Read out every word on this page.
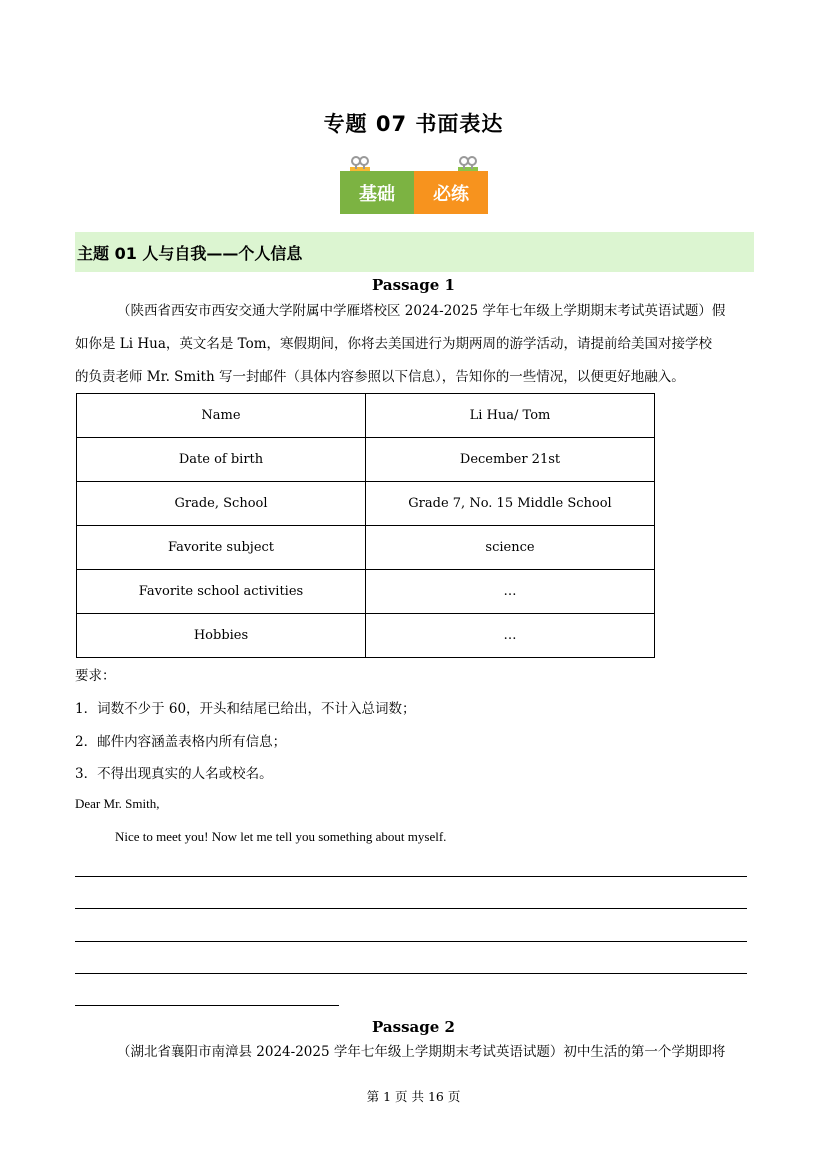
专题 07 书面表达
基础	必练
主题 01 人与自我——个人信息
Passage 1
（陕西省西安市西安交通大学附属中学雁塔校区 2024-2025 学年七年级上学期期末考试英语试题）假
如你是 Li Hua，英文名是 Tom，寒假期间，你将去美国进行为期两周的游学活动，请提前给美国对接学校
的负责老师 Mr. Smith 写一封邮件（具体内容参照以下信息），告知你的一些情况，以便更好地融入。
Name	Li Hua/ Tom
Date of birth	December 21st
Grade, School	Grade 7, No. 15 Middle School
Favorite subject	science
Favorite school activities	…
Hobbies	…
要求：
1．词数不少于 60，开头和结尾已给出，不计入总词数；
2．邮件内容涵盖表格内所有信息；
3．不得出现真实的人名或校名。
Dear Mr. Smith,
Nice to meet you! Now let me tell you something about myself.
Passage 2
（湖北省襄阳市南漳县 2024-2025 学年七年级上学期期末考试英语试题）初中生活的第一个学期即将
第 1 页 共 16 页
